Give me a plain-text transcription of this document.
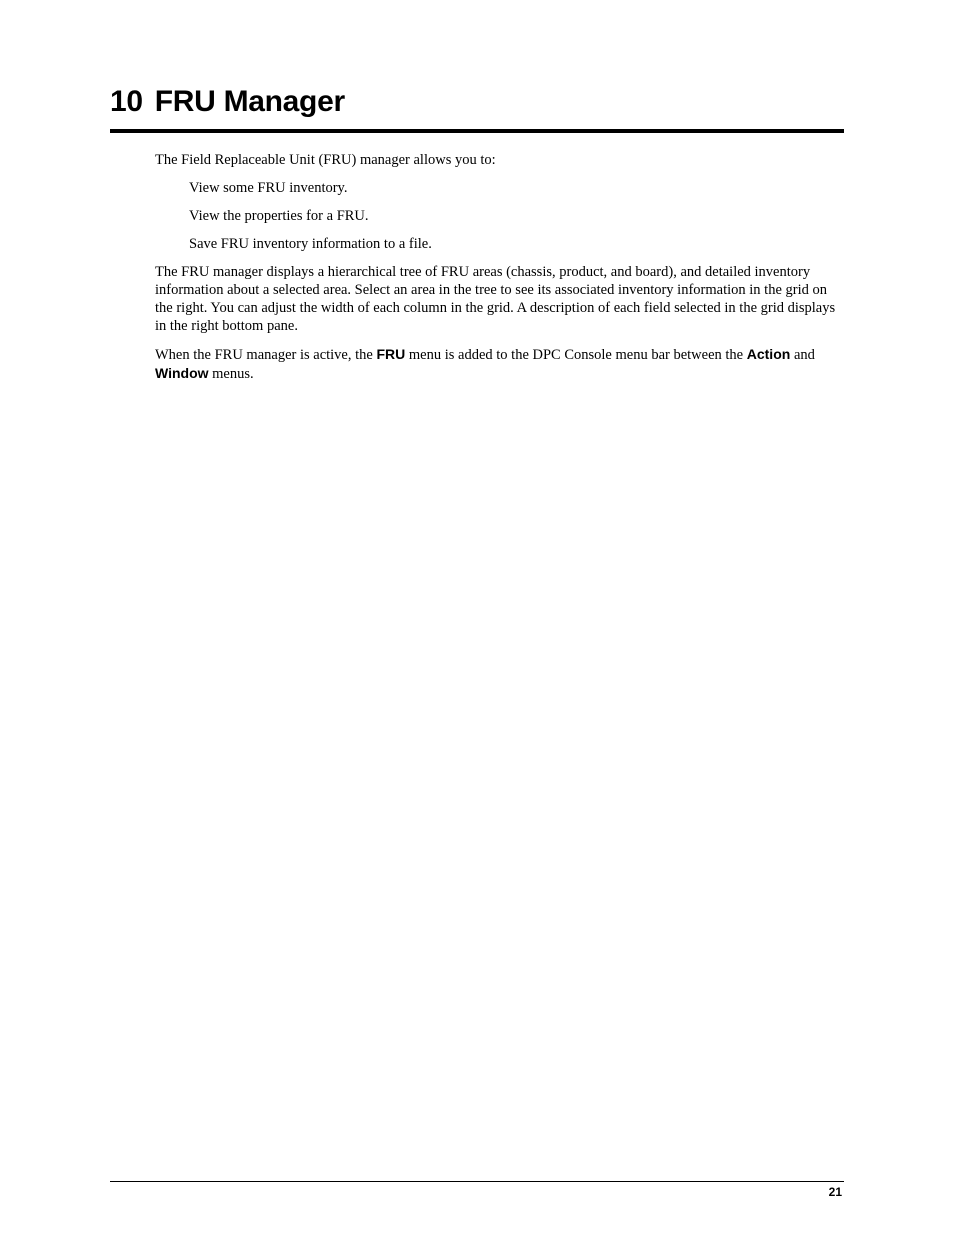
10 FRU Manager

The Field Replaceable Unit (FRU) manager allows you to:

View some FRU inventory.
View the properties for a FRU.
Save FRU inventory information to a file.

The FRU manager displays a hierarchical tree of FRU areas (chassis, product, and board), and detailed inventory information about a selected area. Select an area in the tree to see its associated inventory information in the grid on the right. You can adjust the width of each column in the grid. A description of each field selected in the grid displays in the right bottom pane.

When the FRU manager is active, the FRU menu is added to the DPC Console menu bar between the Action and Window menus.

21
